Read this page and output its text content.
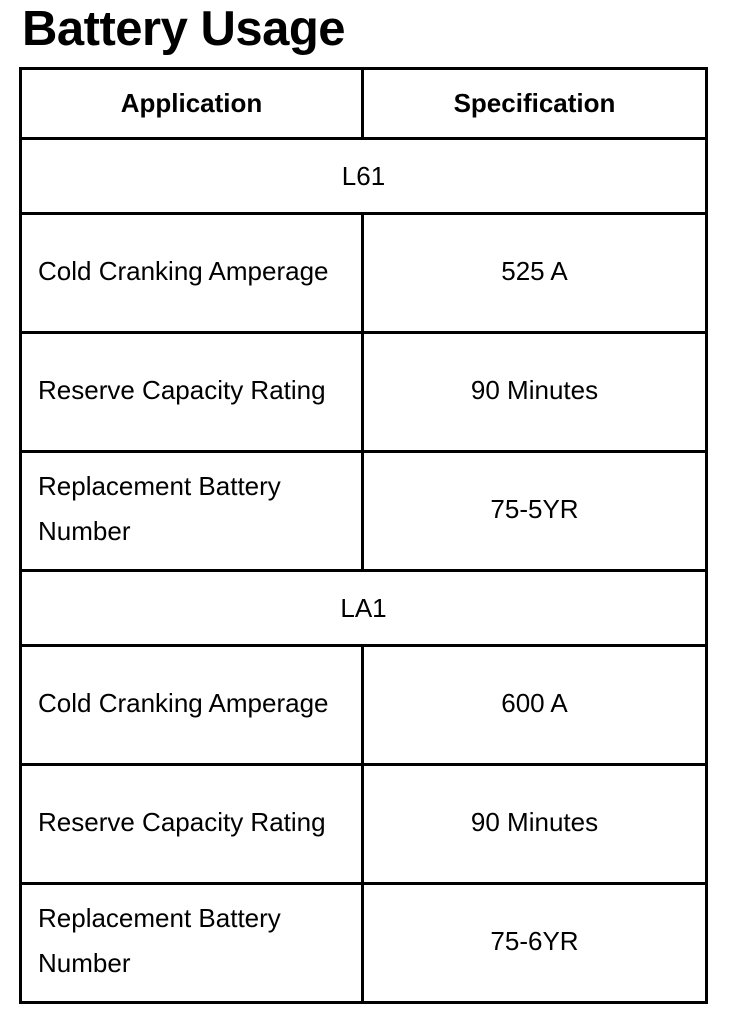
Battery Usage
Application	Specification
L61	
Cold Cranking Amperage	525 A
Reserve Capacity Rating	90 Minutes
Replacement Battery Number	75-5YR
LA1	
Cold Cranking Amperage	600 A
Reserve Capacity Rating	90 Minutes
Replacement Battery Number	75-6YR
